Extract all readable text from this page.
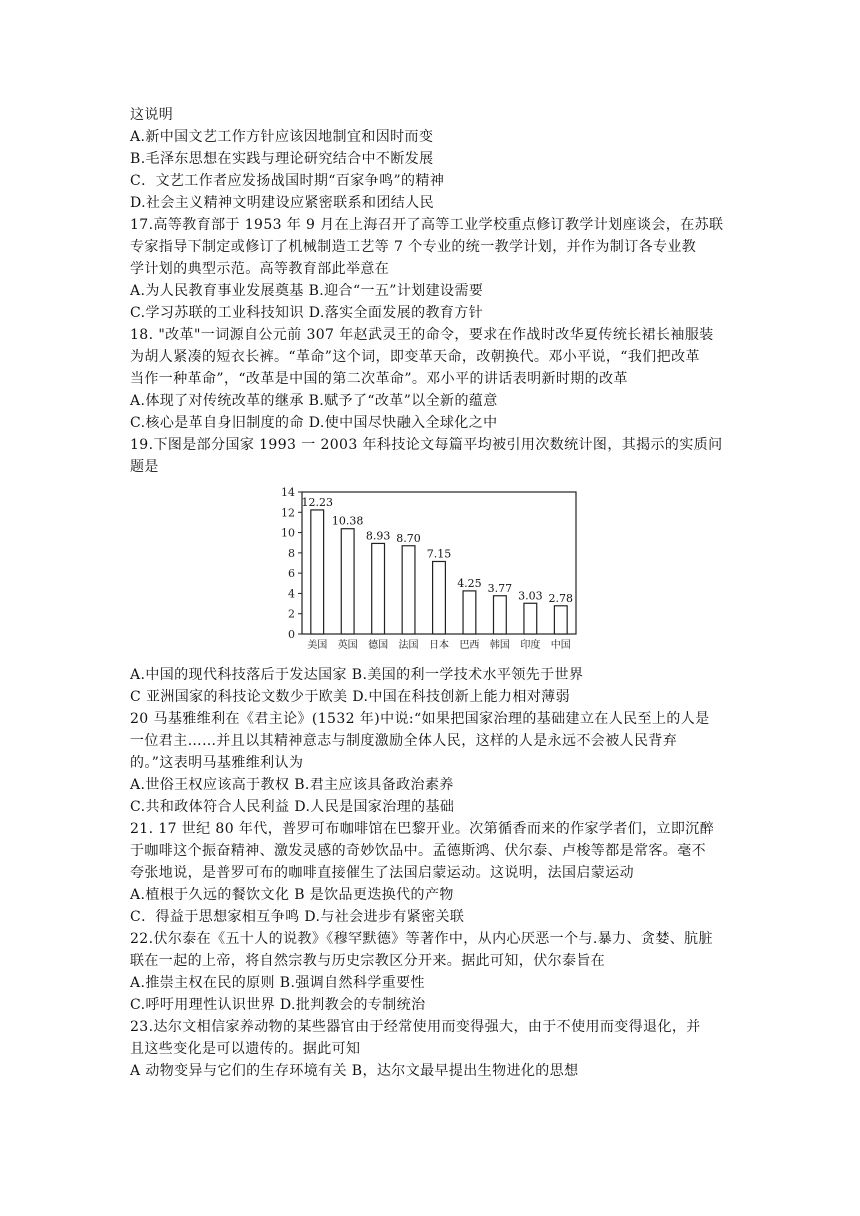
这说明
A.新中国文艺工作方针应该因地制宜和因时而变
B.毛泽东思想在实践与理论研究结合中不断发展
C．文艺工作者应发扬战国时期“百家争鸣”的精神
D.社会主义精神文明建设应紧密联系和团结人民
17.高等教育部于 1953 年 9 月在上海召开了高等工业学校重点修订教学计划座谈会，在苏联
专家指导下制定或修订了机械制造工艺等 7 个专业的统一教学计划，并作为制订各专业教
学计划的典型示范。高等教育部此举意在
A.为人民教育事业发展奠基 B.迎合“一五”计划建设需要
C.学习苏联的工业科技知识 D.落实全面发展的教育方针
18. "改革"一词源自公元前 307 年赵武灵王的命令，要求在作战时改华夏传统长裙长袖服装
为胡人紧凑的短衣长裤。“革命”这个词，即变革天命，改朝换代。邓小平说，“我们把改革
当作一种革命”，“改革是中国的第二次革命”。邓小平的讲话表明新时期的改革
A.体现了对传统改革的继承 B.赋予了“改革”以全新的蕴意
C.核心是革自身旧制度的命 D.使中国尽快融入全球化之中
19.下图是部分国家 1993 一 2003 年科技论文每篇平均被引用次数统计图，其揭示的实质问
题是
0
2
4
6
8
10
12
14
12.23
美国
10.38
英国
8.93
德国
8.70
法国
7.15
日本
4.25
巴西
3.77
韩国
3.03
印度
2.78
中国
A.中国的现代科技落后于发达国家 B.美国的利一学技术水平领先于世界
C 亚洲国家的科技论文数少于欧美 D.中国在科技创新上能力相对薄弱
20 马基雅维利在《君主论》(1532 年)中说:“如果把国家治理的基础建立在人民至上的人是
一位君主……并且以其精神意志与制度激励全体人民，这样的人是永远不会被人民背弃
的。”这表明马基雅维利认为
A.世俗王权应该高于教权 B.君主应该具备政治素养
C.共和政体符合人民利益 D.人民是国家治理的基础
21. 17 世纪 80 年代，普罗可布咖啡馆在巴黎开业。次第循香而来的作家学者们，立即沉醉
于咖啡这个振奋精神、激发灵感的奇妙饮品中。孟德斯鸿、伏尔泰、卢梭等都是常客。毫不
夸张地说，是普罗可布的咖啡直接催生了法国启蒙运动。这说明，法国启蒙运动
A.植根于久远的餐饮文化 B 是饮品更迭换代的产物
C．得益于思想家相互争鸣 D.与社会进步有紧密关联
22.伏尔泰在《五十人的说教》《穆罕默德》等著作中，从内心厌恶一个与.暴力、贪婪、肮脏
联在一起的上帝，将自然宗教与历史宗教区分开来。据此可知，伏尔泰旨在
A.推崇主权在民的原则 B.强调自然科学重要性
C.呼吁用理性认识世界 D.批判教会的专制统治
23.达尔文相信家养动物的某些器官由于经常使用而变得强大，由于不使用而变得退化，并
且这些变化是可以遗传的。据此可知
A 动物变异与它们的生存环境有关 B，达尔文最早提出生物进化的思想
